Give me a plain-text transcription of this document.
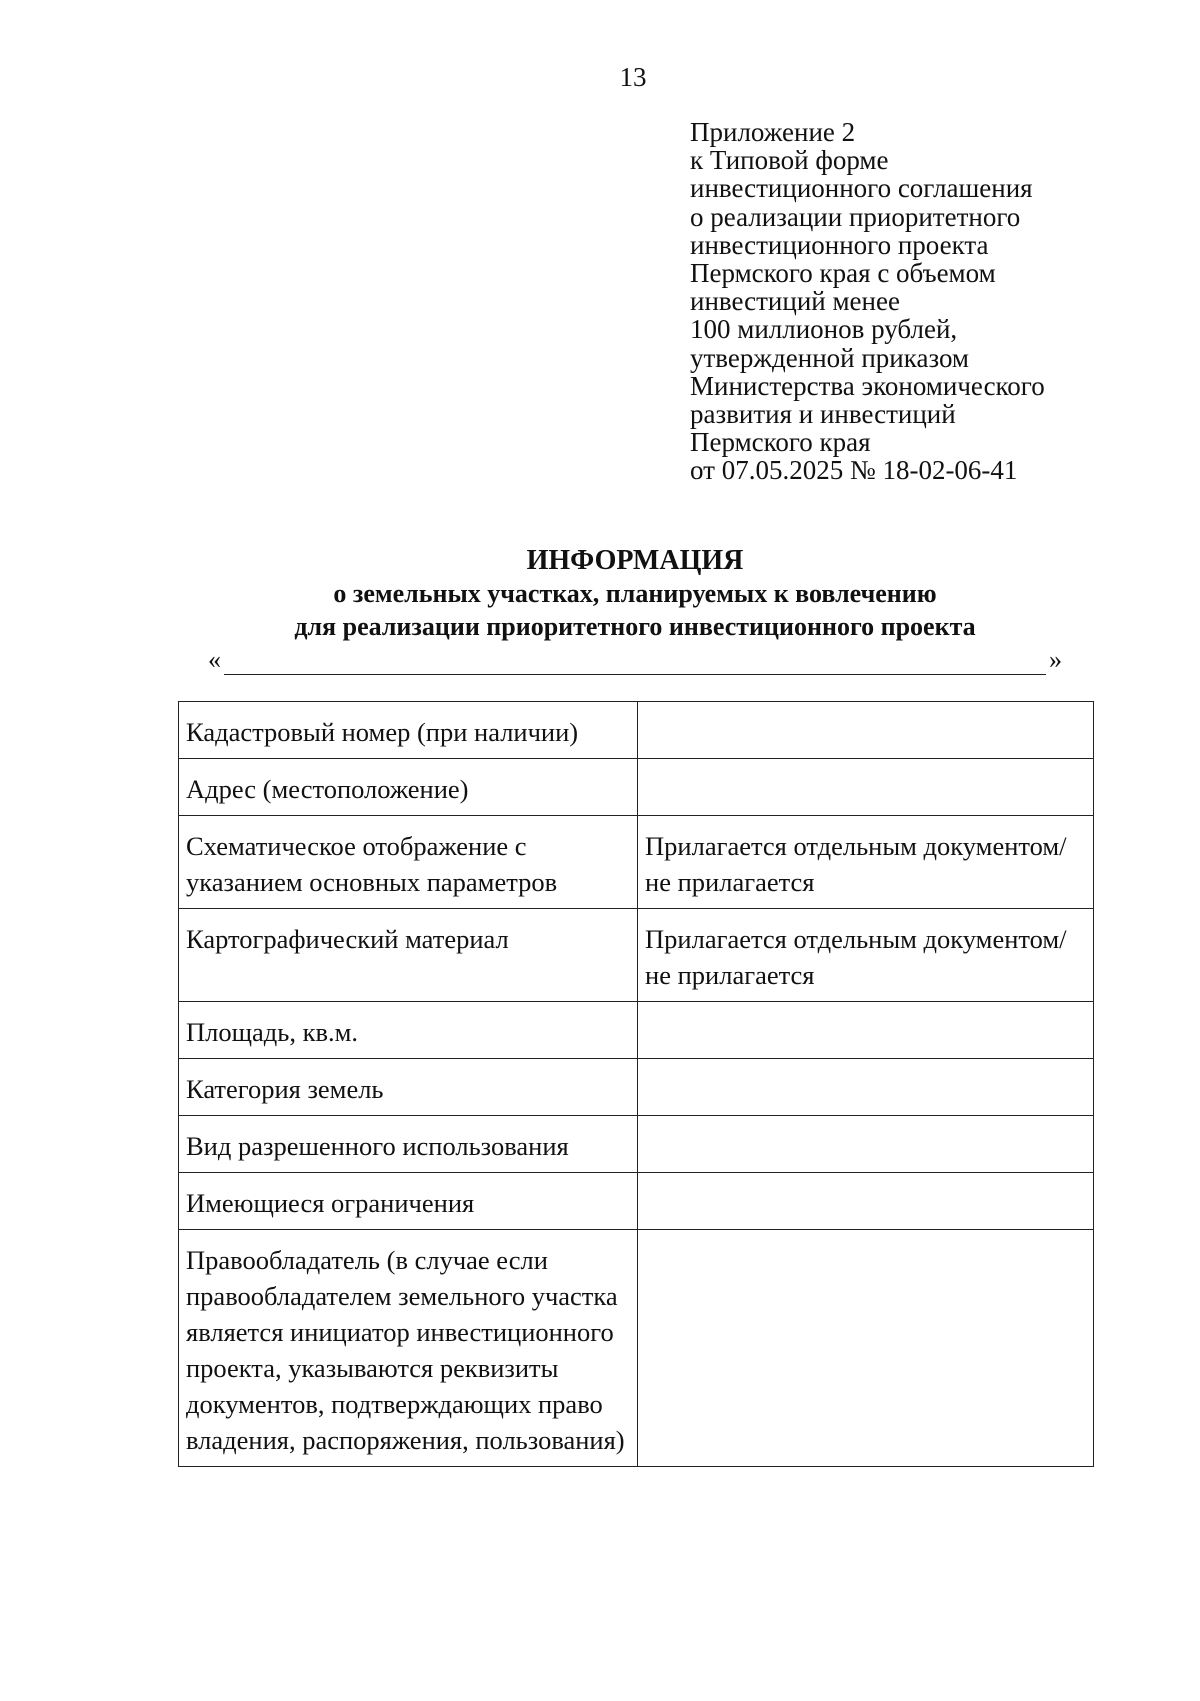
13
Приложение 2
к Типовой форме
инвестиционного соглашения
о реализации приоритетного
инвестиционного проекта
Пермского края с объемом
инвестиций менее
100 миллионов рублей,
утвержденной приказом
Министерства экономического
развития и инвестиций
Пермского края
от 07.05.2025 № 18-02-06-41
ИНФОРМАЦИЯ
о земельных участках, планируемых к вовлечению
для реализации приоритетного инвестиционного проекта
«	»
Кадастровый номер (при наличии)	
Адрес (местоположение)	
Схематическое отображение с указанием основных параметров	Прилагается отдельным документом/не прилагается
Картографический материал	Прилагается отдельным документом/не прилагается
Площадь, кв.м.	
Категория земель	
Вид разрешенного использования	
Имеющиеся ограничения	
Правообладатель (в случае если правообладателем земельного участка является инициатор инвестиционного проекта, указываются реквизиты документов, подтверждающих право владения, распоряжения, пользования)	
